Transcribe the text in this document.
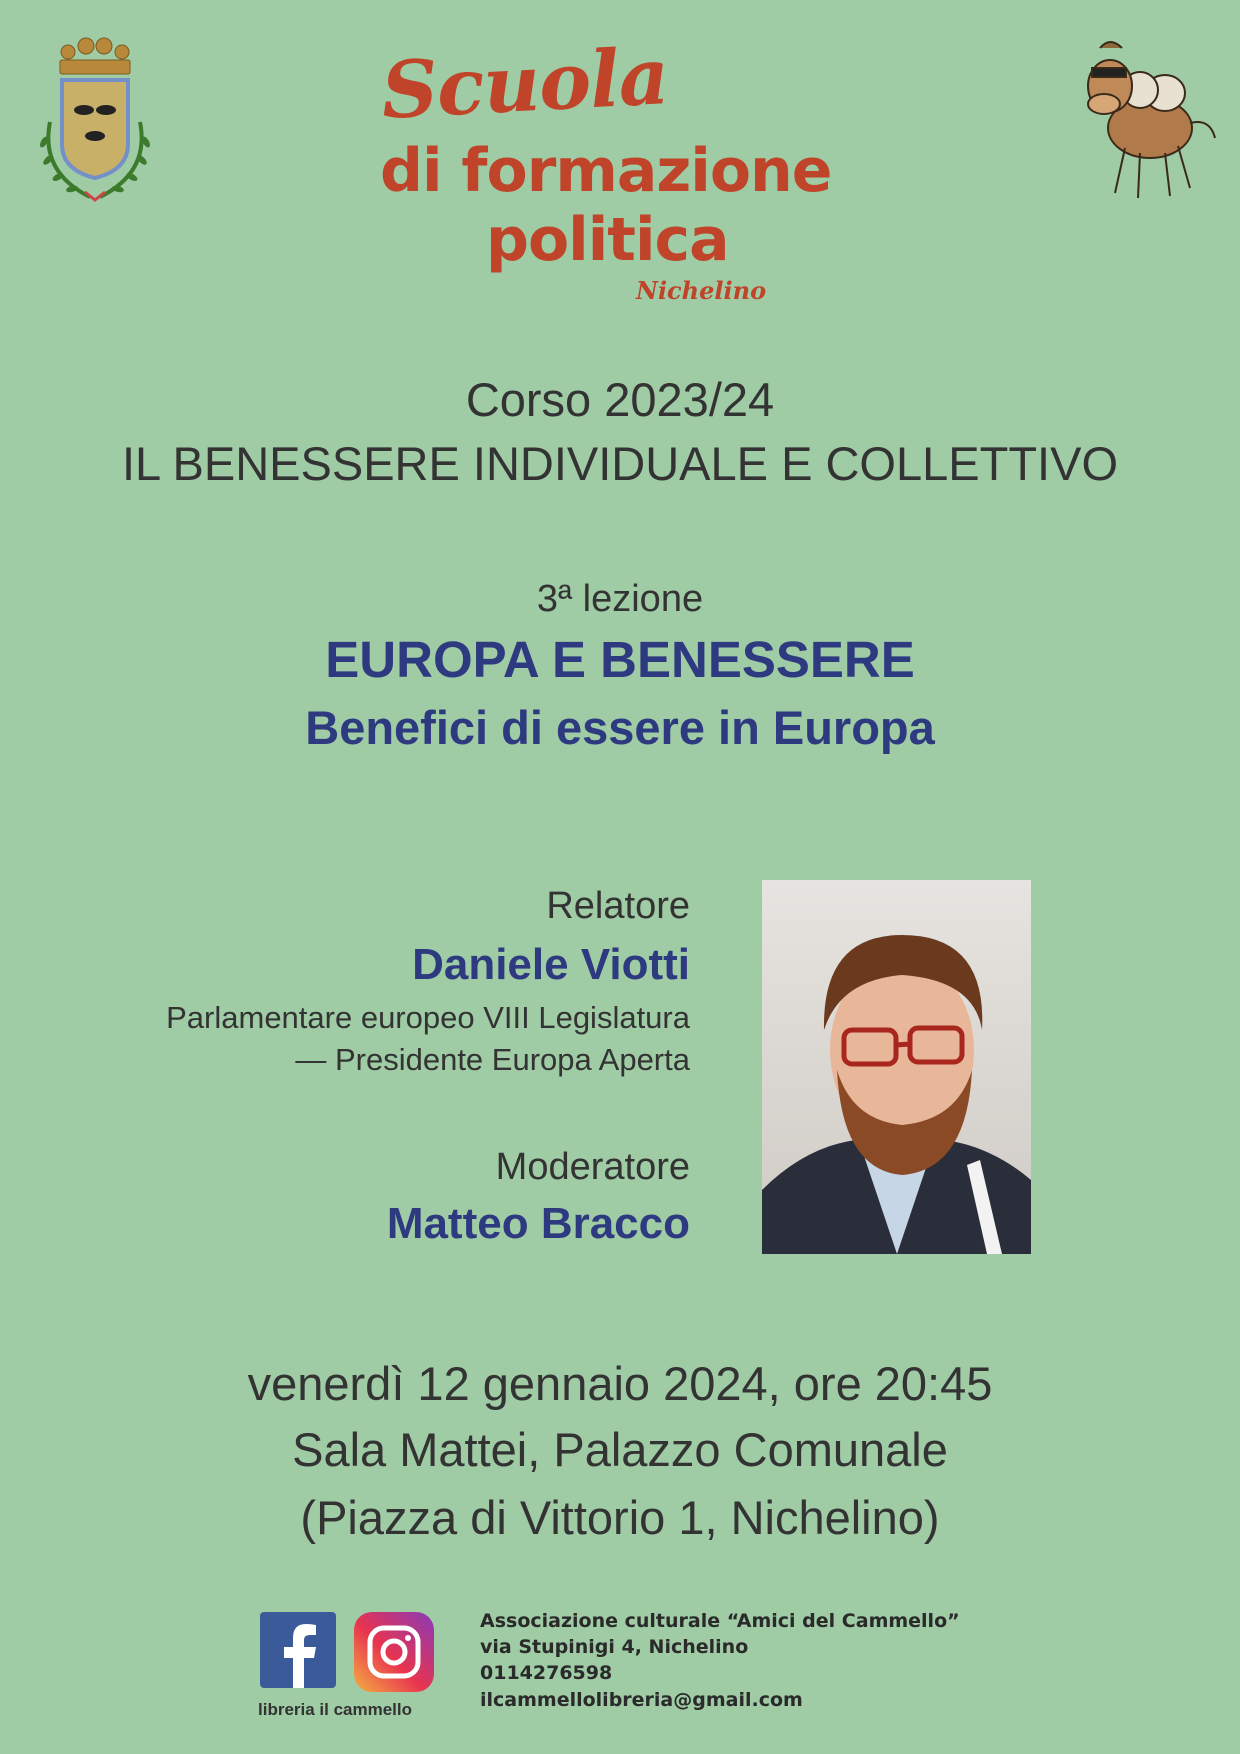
Scuola
di formazione
politica
Nichelino
Corso 2023/24
IL BENESSERE INDIVIDUALE E COLLETTIVO
3ª lezione
EUROPA E BENESSERE
Benefici di essere in Europa
Relatore
Daniele Viotti
Parlamentare europeo VIII Legislatura
— Presidente Europa Aperta
Moderatore
Matteo Bracco
venerdì 12 gennaio 2024, ore 20:45
Sala Mattei, Palazzo Comunale
(Piazza di Vittorio 1, Nichelino)
libreria il cammello
Associazione culturale “Amici del Cammello”
via Stupinigi 4, Nichelino
0114276598
ilcammellolibreria@gmail.com
